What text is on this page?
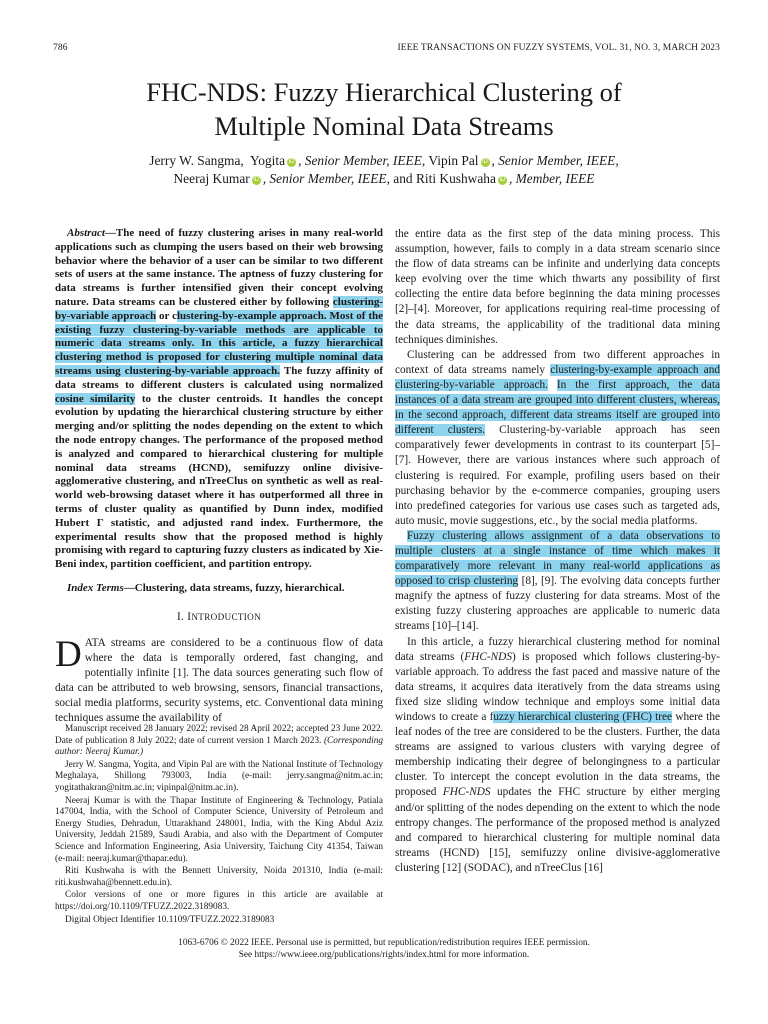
786	IEEE TRANSACTIONS ON FUZZY SYSTEMS, VOL. 31, NO. 3, MARCH 2023
FHC-NDS: Fuzzy Hierarchical Clustering of
Multiple Nominal Data Streams
Jerry W. Sangma, Yogita iD , Senior Member, IEEE, Vipin Pal iD , Senior Member, IEEE,
Neeraj Kumar iD , Senior Member, IEEE, and Riti Kushwaha iD , Member, IEEE

Abstract—The need of fuzzy clustering arises in many real-world applications such as clumping the users based on their web browsing behavior where the behavior of a user can be similar to two different sets of users at the same instance. The aptness of fuzzy clustering for data streams is further intensified given their concept evolving nature. Data streams can be clustered either by following clustering-by-variable approach or clustering-by-example approach. Most of the existing fuzzy clustering-by-variable methods are applicable to numeric data streams only. In this article, a fuzzy hierarchical clustering method is proposed for clustering multiple nominal data streams using clustering-by-variable approach. The fuzzy affinity of data streams to different clusters is calculated using normalized cosine similarity to the cluster centroids. It handles the concept evolution by updating the hierarchical clustering structure by either merging and/or splitting the nodes depending on the extent to which the node entropy changes. The performance of the proposed method is analyzed and compared to hierarchical clustering for multiple nominal data streams (HCND), semifuzzy online divisive-agglomerative clustering, and nTreeClus on synthetic as well as real-world web-browsing dataset where it has outperformed all three in terms of cluster quality as quantified by Dunn index, modified Hubert Γ statistic, and adjusted rand index. Furthermore, the experimental results show that the proposed method is highly promising with regard to capturing fuzzy clusters as indicated by Xie-Beni index, partition coefficient, and partition entropy.

Index Terms—Clustering, data streams, fuzzy, hierarchical.

I. INTRODUCTION

DATA streams are considered to be a continuous flow of data where the data is temporally ordered, fast changing, and potentially infinite [1]. The data sources generating such flow of data can be attributed to web browsing, sensors, financial transactions, social media platforms, security systems, etc. Conventional data mining techniques assume the availability of

Manuscript received 28 January 2022; revised 28 April 2022; accepted 23 June 2022. Date of publication 8 July 2022; date of current version 1 March 2023. (Corresponding author: Neeraj Kumar.)

Jerry W. Sangma, Yogita, and Vipin Pal are with the National Institute of Technology Meghalaya, Shillong 793003, India (e-mail: jerry.sangma@nitm.ac.in; yogitathakran@nitm.ac.in; vipinpal@nitm.ac.in).

Neeraj Kumar is with the Thapar Institute of Engineering & Technology, Patiala 147004, India, with the School of Computer Science, University of Petroleum and Energy Studies, Dehradun, Uttarakhand 248001, India, with the King Abdul Aziz University, Jeddah 21589, Saudi Arabia, and also with the Department of Computer Science and Information Engineering, Asia University, Taichung City 41354, Taiwan (e-mail: neeraj.kumar@thapar.edu).

Riti Kushwaha is with the Bennett University, Noida 201310, India (e-mail: riti.kushwaha@bennett.edu.in).

Color versions of one or more figures in this article are available at https://doi.org/10.1109/TFUZZ.2022.3189083.

Digital Object Identifier 10.1109/TFUZZ.2022.3189083

the entire data as the first step of the data mining process. This assumption, however, fails to comply in a data stream scenario since the flow of data streams can be infinite and underlying data concepts keep evolving over the time which thwarts any possibility of first collecting the entire data before beginning the data mining processes [2]–[4]. Moreover, for applications requiring real-time processing of the data streams, the applicability of the traditional data mining techniques diminishes.

Clustering can be addressed from two different approaches in context of data streams namely clustering-by-example approach and clustering-by-variable approach. In the first approach, the data instances of a data stream are grouped into different clusters, whereas, in the second approach, different data streams itself are grouped into different clusters. Clustering-by-variable approach has seen comparatively fewer developments in contrast to its counterpart [5]–[7]. However, there are various instances where such approach of clustering is required. For example, profiling users based on their purchasing behavior by the e-commerce companies, grouping users into predefined categories for various use cases such as targeted ads, auto music, movie suggestions, etc., by the social media platforms.

Fuzzy clustering allows assignment of a data observations to multiple clusters at a single instance of time which makes it comparatively more relevant in many real-world applications as opposed to crisp clustering [8], [9]. The evolving data concepts further magnify the aptness of fuzzy clustering for data streams. Most of the existing fuzzy clustering approaches are applicable to numeric data streams [10]–[14].

In this article, a fuzzy hierarchical clustering method for nominal data streams (FHC-NDS) is proposed which follows clustering-by-variable approach. To address the fast paced and massive nature of the data streams, it acquires data iteratively from the data streams using fixed size sliding window technique and employs some initial data windows to create a fuzzy hierarchical clustering (FHC) tree where the leaf nodes of the tree are considered to be the clusters. Further, the data streams are assigned to various clusters with varying degree of membership indicating their degree of belongingness to a particular cluster. To intercept the concept evolution in the data streams, the proposed FHC-NDS updates the FHC structure by either merging and/or splitting of the nodes depending on the extent to which the node entropy changes. The performance of the proposed method is analyzed and compared to hierarchical clustering for multiple nominal data streams (HCND) [15], semifuzzy online divisive-agglomerative clustering [12] (SODAC), and nTreeClus [16]

1063-6706 © 2022 IEEE. Personal use is permitted, but republication/redistribution requires IEEE permission.
See https://www.ieee.org/publications/rights/index.html for more information.
